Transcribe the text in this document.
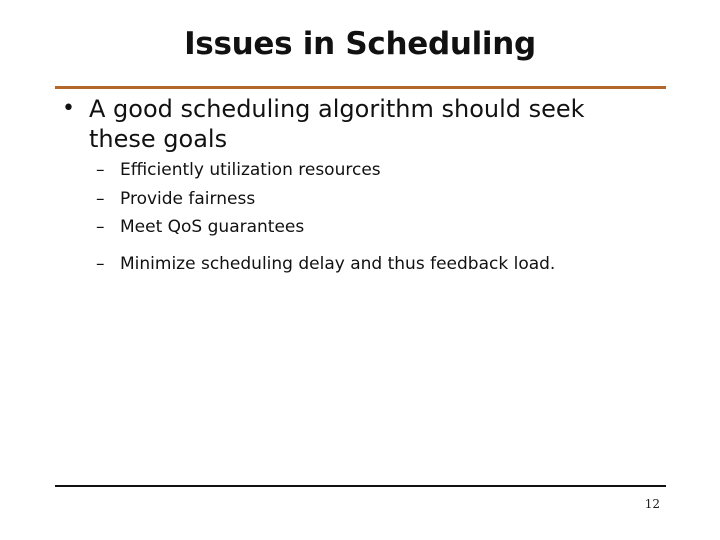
Issues in Scheduling
• A good scheduling algorithm should seek these goals
– Efficiently utilization resources
– Provide fairness
– Meet QoS guarantees
– Minimize scheduling delay and thus feedback load.
12
